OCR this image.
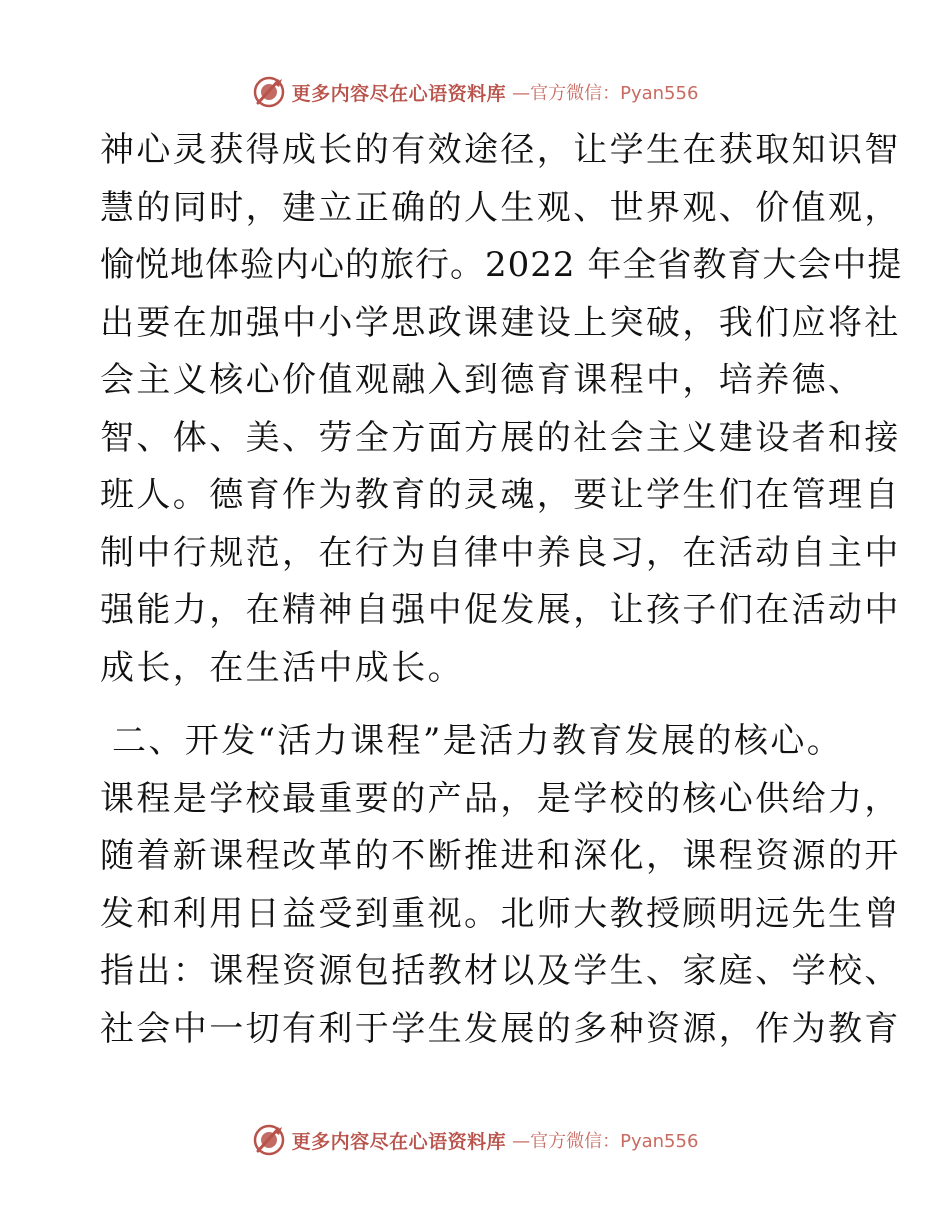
更多内容尽在心语资料库 —官方微信：Pyan556
神心灵获得成长的有效途径，让学生在获取知识智
慧的同时，建立正确的人生观、世界观、价值观，
愉悦地体验内心的旅行。2022 年全省教育大会中提
出要在加强中小学思政课建设上突破，我们应将社
会主义核心价值观融入到德育课程中，培养德、
智、体、美、劳全方面方展的社会主义建设者和接
班人。德育作为教育的灵魂，要让学生们在管理自
制中行规范，在行为自律中养良习，在活动自主中
强能力，在精神自强中促发展，让孩子们在活动中
成长，在生活中成长。
二、开发“活力课程”是活力教育发展的核心。
课程是学校最重要的产品，是学校的核心供给力，
随着新课程改革的不断推进和深化，课程资源的开
发和利用日益受到重视。北师大教授顾明远先生曾
指出：课程资源包括教材以及学生、家庭、学校、
社会中一切有利于学生发展的多种资源，作为教育
更多内容尽在心语资料库 —官方微信：Pyan556
